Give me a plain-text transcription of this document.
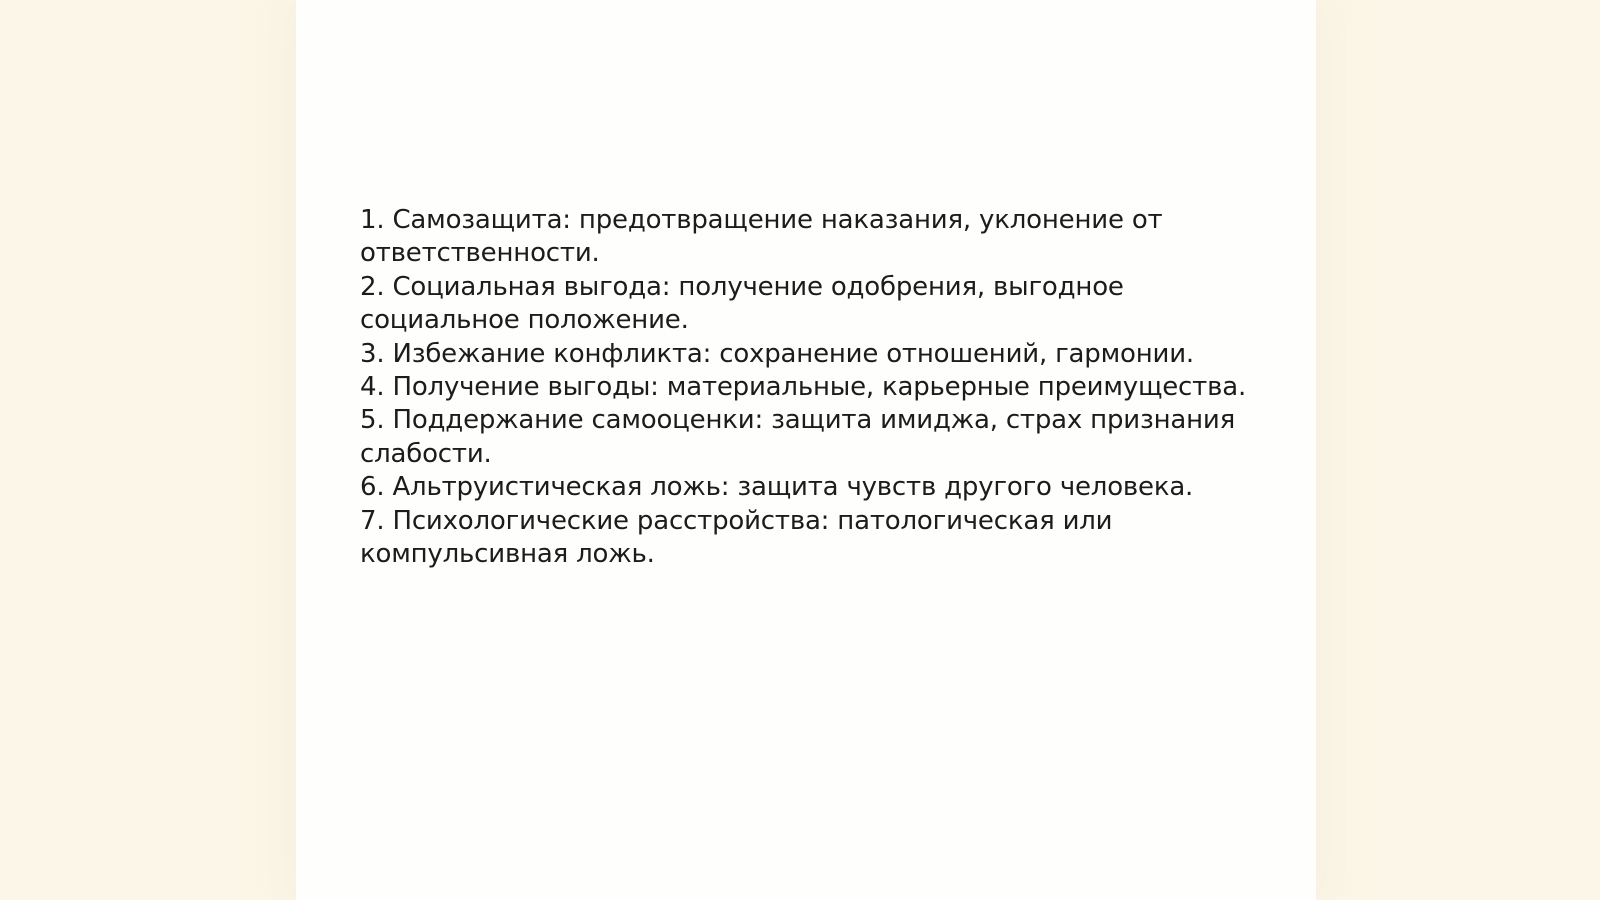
1. Самозащита: предотвращение наказания, уклонение от ответственности.
2. Социальная выгода: получение одобрения, выгодное социальное положение.
3. Избежание конфликта: сохранение отношений, гармонии.
4. Получение выгоды: материальные, карьерные преимущества.
5. Поддержание самооценки: защита имиджа, страх признания слабости.
6. Альтруистическая ложь: защита чувств другого человека.
7. Психологические расстройства: патологическая или компульсивная ложь.
